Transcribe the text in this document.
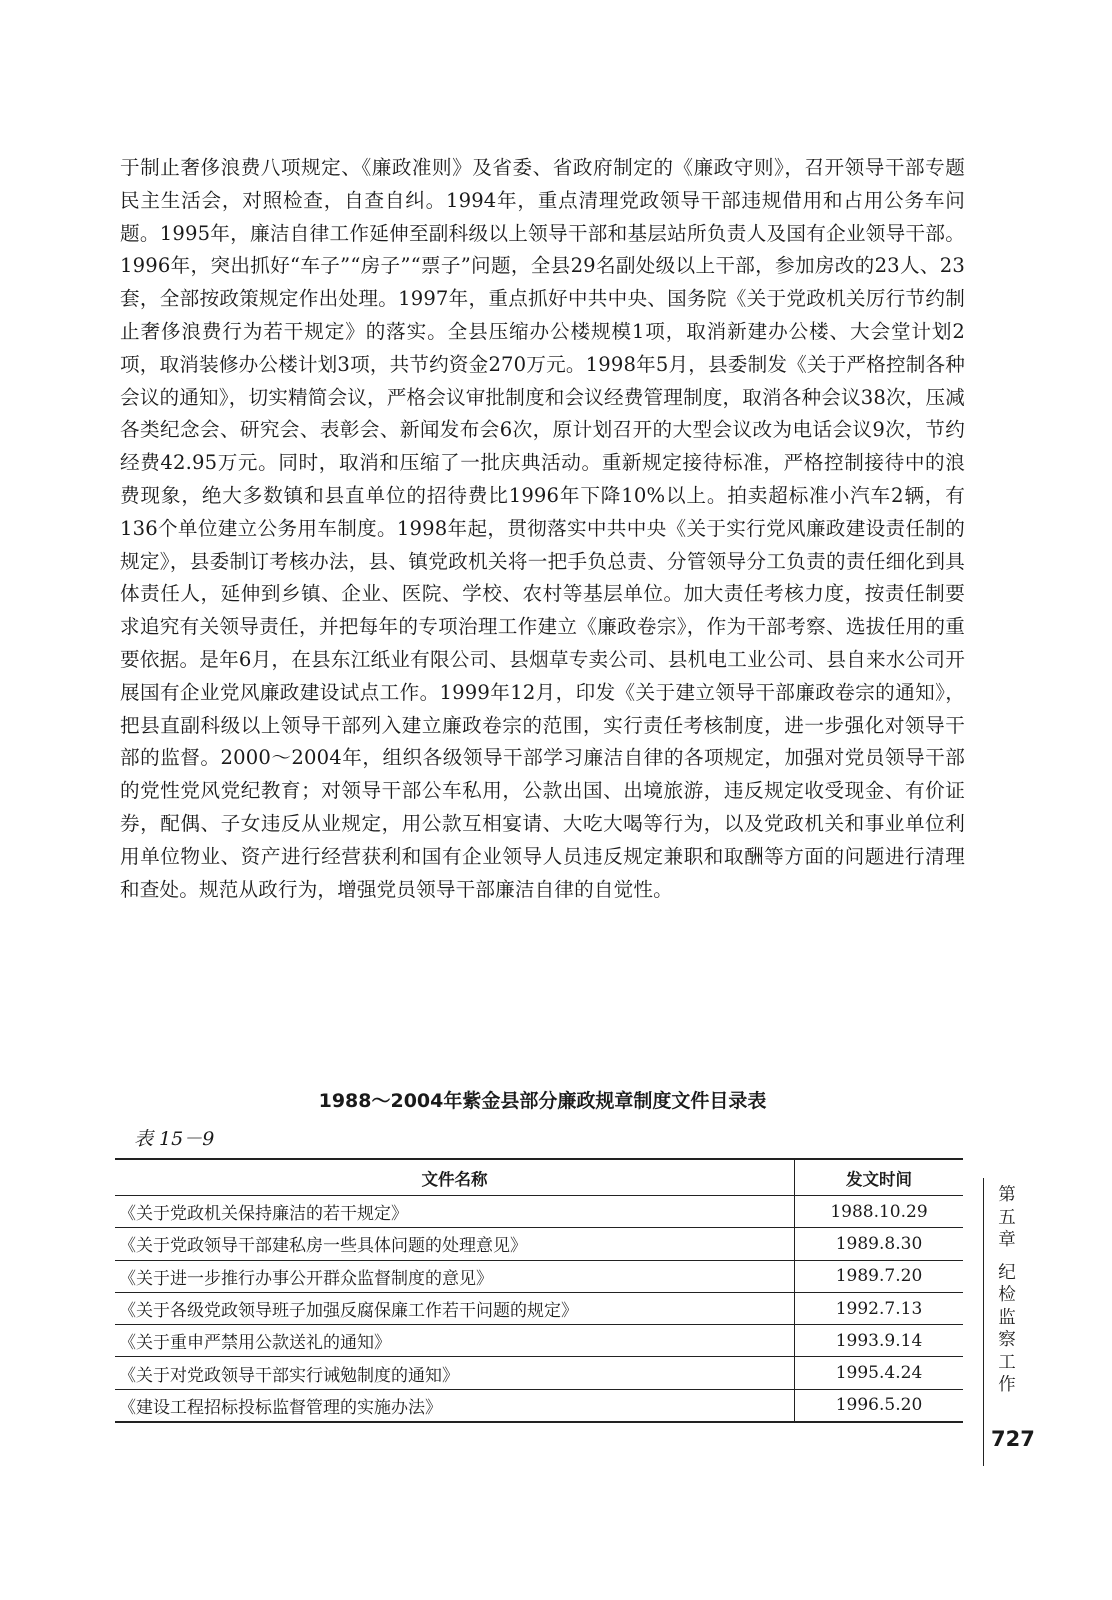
于制止奢侈浪费八项规定、《廉政准则》及省委、省政府制定的《廉政守则》，召开领导干部专题民主生活会，对照检查，自查自纠。1994年，重点清理党政领导干部违规借用和占用公务车问题。1995年，廉洁自律工作延伸至副科级以上领导干部和基层站所负责人及国有企业领导干部。1996年，突出抓好“车子”“房子”“票子”问题，全县29名副处级以上干部，参加房改的23人、23套，全部按政策规定作出处理。1997年，重点抓好中共中央、国务院《关于党政机关厉行节约制止奢侈浪费行为若干规定》的落实。全县压缩办公楼规模1项，取消新建办公楼、大会堂计划2项，取消装修办公楼计划3项，共节约资金270万元。1998年5月，县委制发《关于严格控制各种会议的通知》，切实精简会议，严格会议审批制度和会议经费管理制度，取消各种会议38次，压减各类纪念会、研究会、表彰会、新闻发布会6次，原计划召开的大型会议改为电话会议9次，节约经费42.95万元。同时，取消和压缩了一批庆典活动。重新规定接待标准，严格控制接待中的浪费现象，绝大多数镇和县直单位的招待费比1996年下降10%以上。拍卖超标准小汽车2辆，有136个单位建立公务用车制度。1998年起，贯彻落实中共中央《关于实行党风廉政建设责任制的规定》，县委制订考核办法，县、镇党政机关将一把手负总责、分管领导分工负责的责任细化到具体责任人，延伸到乡镇、企业、医院、学校、农村等基层单位。加大责任考核力度，按责任制要求追究有关领导责任，并把每年的专项治理工作建立《廉政卷宗》，作为干部考察、选拔任用的重要依据。是年6月，在县东江纸业有限公司、县烟草专卖公司、县机电工业公司、县自来水公司开展国有企业党风廉政建设试点工作。1999年12月，印发《关于建立领导干部廉政卷宗的通知》，把县直副科级以上领导干部列入建立廉政卷宗的范围，实行责任考核制度，进一步强化对领导干部的监督。2000～2004年，组织各级领导干部学习廉洁自律的各项规定，加强对党员领导干部的党性党风党纪教育；对领导干部公车私用，公款出国、出境旅游，违反规定收受现金、有价证券，配偶、子女违反从业规定，用公款互相宴请、大吃大喝等行为，以及党政机关和事业单位利用单位物业、资产进行经营获利和国有企业领导人员违反规定兼职和取酬等方面的问题进行清理和查处。规范从政行为，增强党员领导干部廉洁自律的自觉性。

1988～2004年紫金县部分廉政规章制度文件目录表

表 15－9

文件名称	发文时间
《关于党政机关保持廉洁的若干规定》	1988.10.29
《关于党政领导干部建私房一些具体问题的处理意见》	1989.8.30
《关于进一步推行办事公开群众监督制度的意见》	1989.7.20
《关于各级党政领导班子加强反腐保廉工作若干问题的规定》	1992.7.13
《关于重申严禁用公款送礼的通知》	1993.9.14
《关于对党政领导干部实行诫勉制度的通知》	1995.4.24
《建设工程招标投标监督管理的实施办法》	1996.5.20
第
五
章
纪
检
监
察
工
作
727
